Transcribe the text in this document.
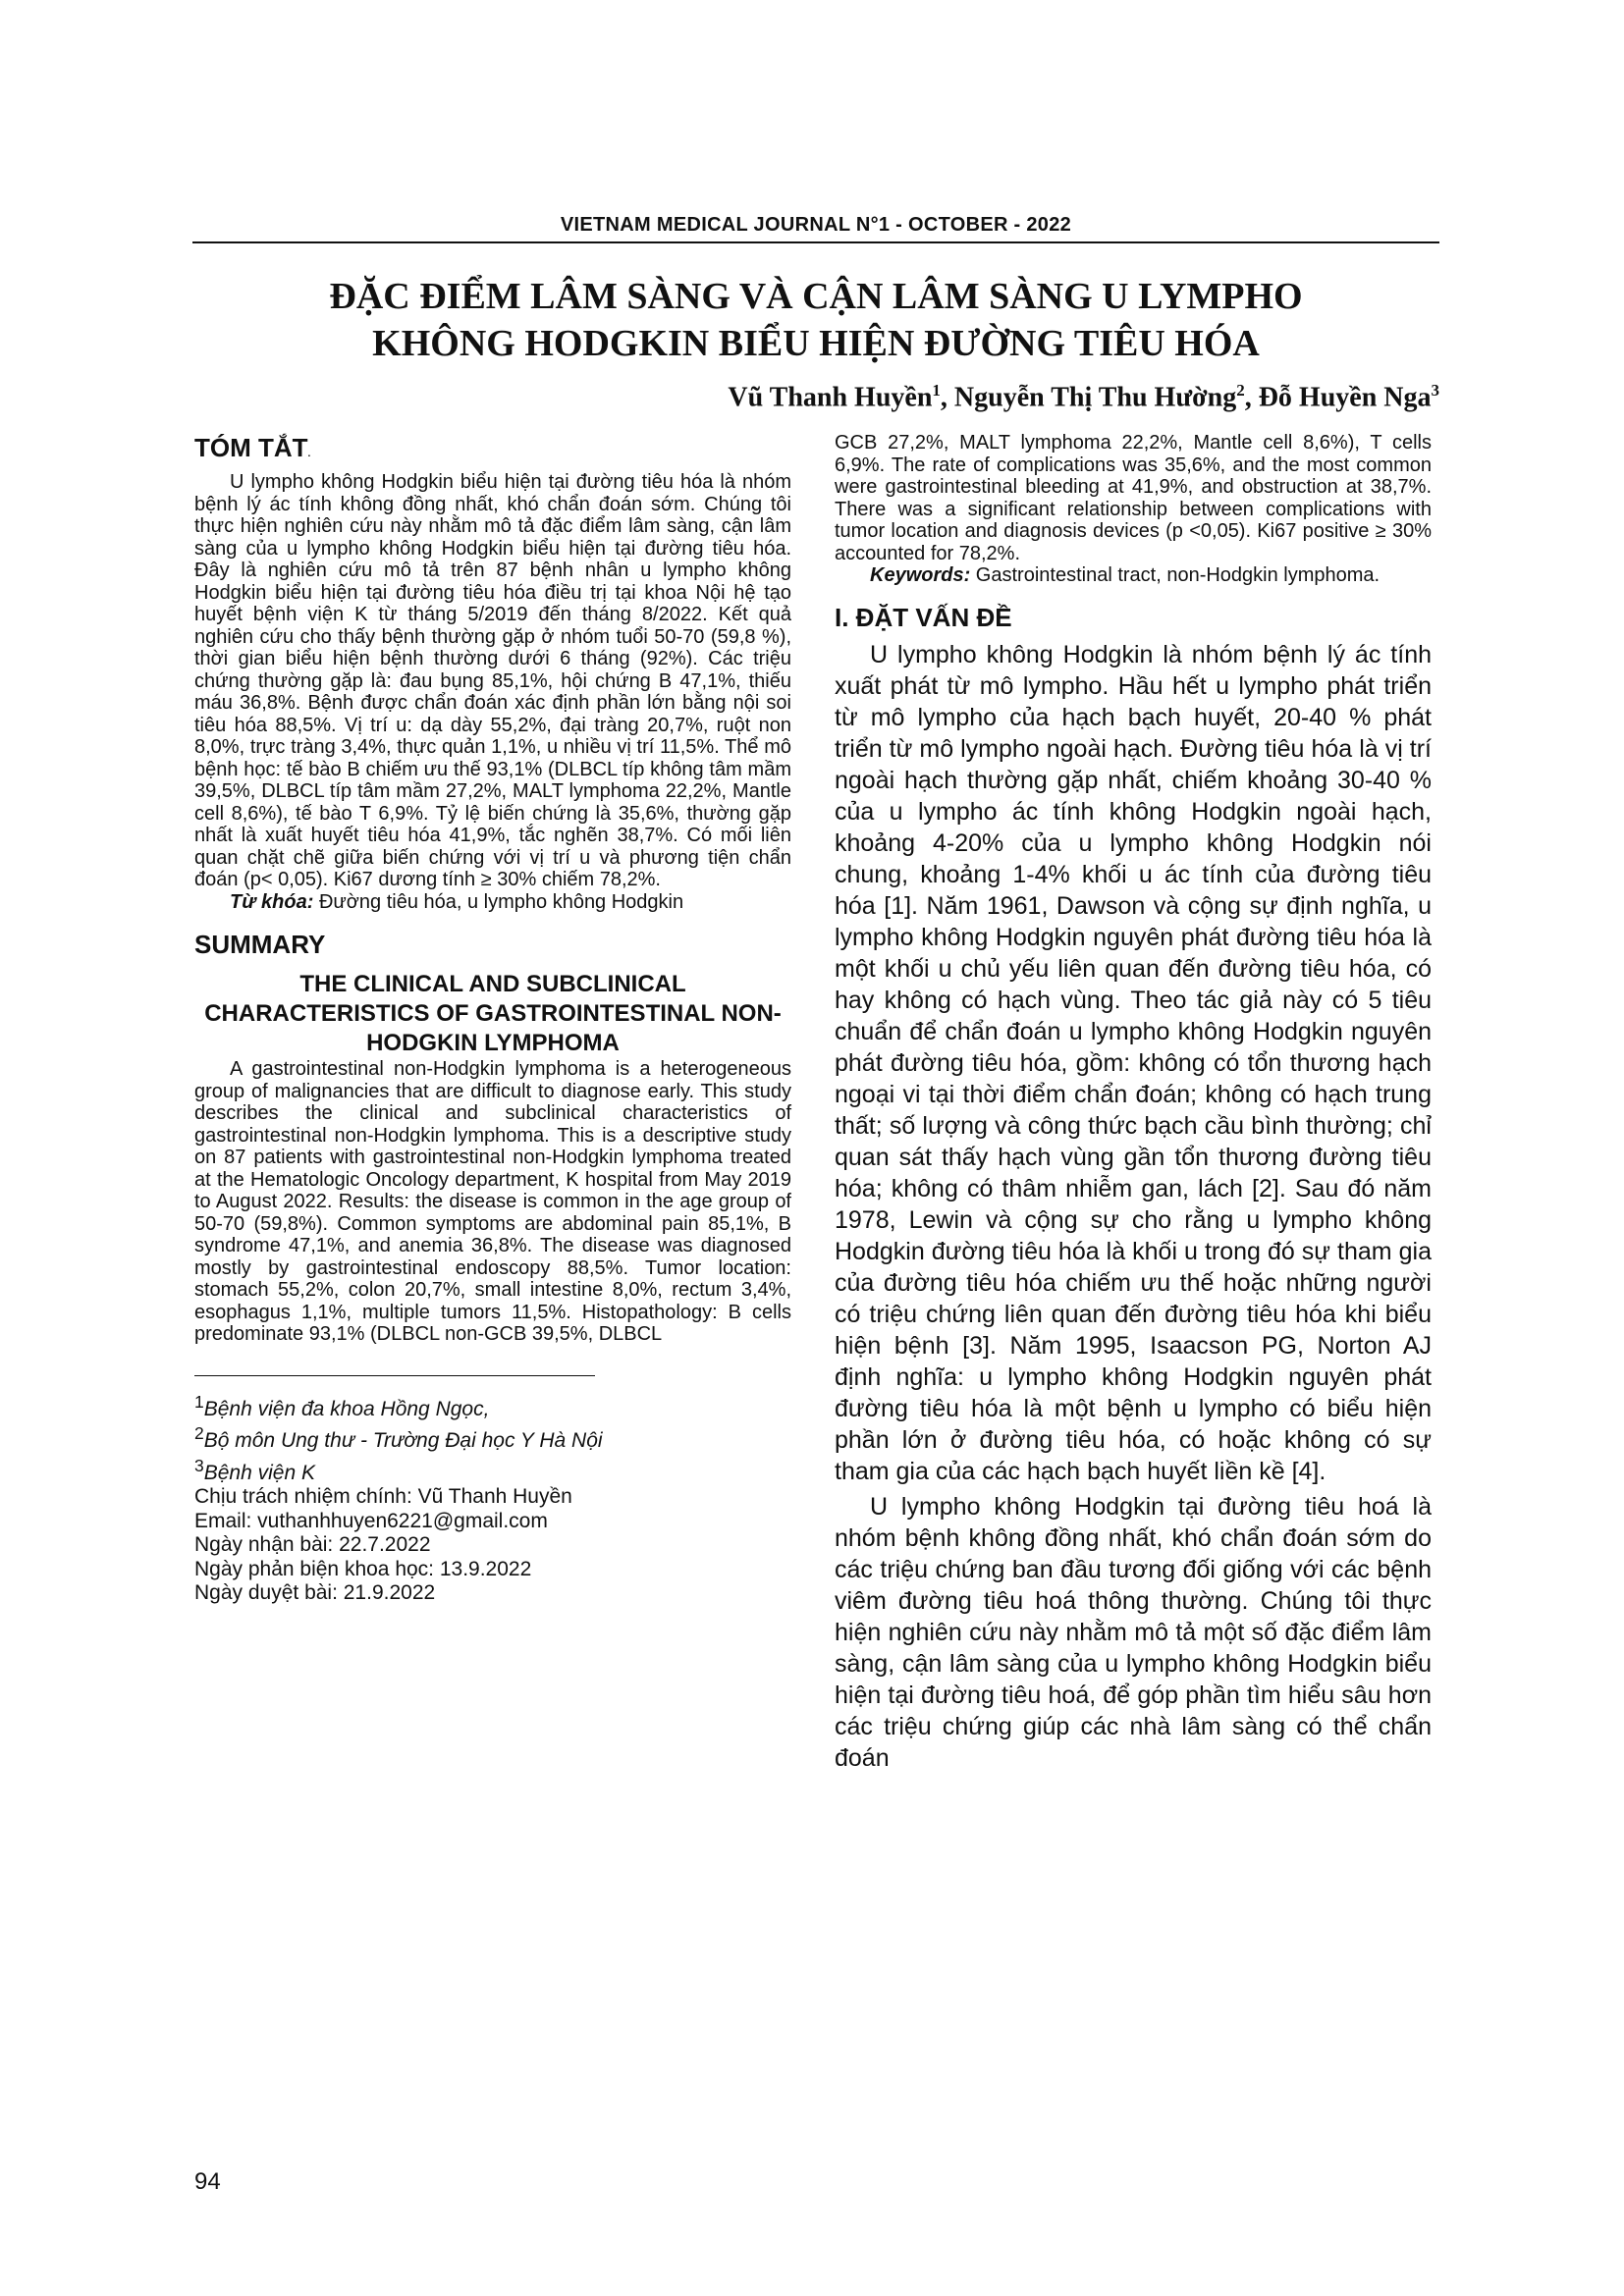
VIETNAM MEDICAL JOURNAL N°1 - OCTOBER - 2022
ĐẶC ĐIỂM LÂM SÀNG VÀ CẬN LÂM SÀNG U LYMPHO
KHÔNG HODGKIN BIỂU HIỆN ĐƯỜNG TIÊU HÓA
Vũ Thanh Huyền$^1$, Nguyễn Thị Thu Hường$^2$, Đỗ Huyền Nga$^3$
TÓM TẮT.

U lympho không Hodgkin biểu hiện tại đường tiêu hóa là nhóm bệnh lý ác tính không đồng nhất, khó chẩn đoán sớm. Chúng tôi thực hiện nghiên cứu này nhằm mô tả đặc điểm lâm sàng, cận lâm sàng của u lympho không Hodgkin biểu hiện tại đường tiêu hóa. Đây là nghiên cứu mô tả trên 87 bệnh nhân u lympho không Hodgkin biểu hiện tại đường tiêu hóa điều trị tại khoa Nội hệ tạo huyết bệnh viện K từ tháng 5/2019 đến tháng 8/2022. Kết quả nghiên cứu cho thấy bệnh thường gặp ở nhóm tuổi 50-70 (59,8 %), thời gian biểu hiện bệnh thường dưới 6 tháng (92%). Các triệu chứng thường gặp là: đau bụng 85,1%, hội chứng B 47,1%, thiếu máu 36,8%. Bệnh được chẩn đoán xác định phần lớn bằng nội soi tiêu hóa 88,5%. Vị trí u: dạ dày 55,2%, đại tràng 20,7%, ruột non 8,0%, trực tràng 3,4%, thực quản 1,1%, u nhiều vị trí 11,5%. Thể mô bệnh học: tế bào B chiếm ưu thế 93,1% (DLBCL típ không tâm mầm 39,5%, DLBCL típ tâm mầm 27,2%, MALT lymphoma 22,2%, Mantle cell 8,6%), tế bào T 6,9%. Tỷ lệ biến chứng là 35,6%, thường gặp nhất là xuất huyết tiêu hóa 41,9%, tắc nghẽn 38,7%. Có mối liên quan chặt chẽ giữa biến chứng với vị trí u và phương tiện chẩn đoán (p< 0,05). Ki67 dương tính ≥ 30% chiếm 78,2%.

Từ khóa: Đường tiêu hóa, u lympho không Hodgkin

SUMMARY

THE CLINICAL AND SUBCLINICAL CHARACTERISTICS OF GASTROINTESTINAL NON- HODGKIN LYMPHOMA

A gastrointestinal non-Hodgkin lymphoma is a heterogeneous group of malignancies that are difficult to diagnose early. This study describes the clinical and subclinical characteristics of gastrointestinal non-Hodgkin lymphoma. This is a descriptive study on 87 patients with gastrointestinal non-Hodgkin lymphoma treated at the Hematologic Oncology department, K hospital from May 2019 to August 2022. Results: the disease is common in the age group of 50-70 (59,8%). Common symptoms are abdominal pain 85,1%, B syndrome 47,1%, and anemia 36,8%. The disease was diagnosed mostly by gastrointestinal endoscopy 88,5%. Tumor location: stomach 55,2%, colon 20,7%, small intestine 8,0%, rectum 3,4%, esophagus 1,1%, multiple tumors 11,5%. Histopathology: B cells predominate 93,1% (DLBCL non-GCB 39,5%, DLBCL

$^1$Bệnh viện đa khoa Hồng Ngọc,
$^2$Bộ môn Ung thư - Trường Đại học Y Hà Nội
$^3$Bệnh viện K
Chịu trách nhiệm chính: Vũ Thanh Huyền
Email: vuthanhhuyen6221@gmail.com
Ngày nhận bài: 22.7.2022
Ngày phản biện khoa học: 13.9.2022
Ngày duyệt bài: 21.9.2022

GCB 27,2%, MALT lymphoma 22,2%, Mantle cell 8,6%), T cells 6,9%. The rate of complications was 35,6%, and the most common were gastrointestinal bleeding at 41,9%, and obstruction at 38,7%. There was a significant relationship between complications with tumor location and diagnosis devices (p <0,05). Ki67 positive ≥ 30% accounted for 78,2%.

Keywords: Gastrointestinal tract, non-Hodgkin lymphoma.

I. ĐẶT VẤN ĐỀ

U lympho không Hodgkin là nhóm bệnh lý ác tính xuất phát từ mô lympho. Hầu hết u lympho phát triển từ mô lympho của hạch bạch huyết, 20-40 % phát triển từ mô lympho ngoài hạch. Đường tiêu hóa là vị trí ngoài hạch thường gặp nhất, chiếm khoảng 30-40 % của u lympho ác tính không Hodgkin ngoài hạch, khoảng 4-20% của u lympho không Hodgkin nói chung, khoảng 1-4% khối u ác tính của đường tiêu hóa [1]. Năm 1961, Dawson và cộng sự định nghĩa, u lympho không Hodgkin nguyên phát đường tiêu hóa là một khối u chủ yếu liên quan đến đường tiêu hóa, có hay không có hạch vùng. Theo tác giả này có 5 tiêu chuẩn để chẩn đoán u lympho không Hodgkin nguyên phát đường tiêu hóa, gồm: không có tổn thương hạch ngoại vi tại thời điểm chẩn đoán; không có hạch trung thất; số lượng và công thức bạch cầu bình thường; chỉ quan sát thấy hạch vùng gần tổn thương đường tiêu hóa; không có thâm nhiễm gan, lách [2]. Sau đó năm 1978, Lewin và cộng sự cho rằng u lympho không Hodgkin đường tiêu hóa là khối u trong đó sự tham gia của đường tiêu hóa chiếm ưu thế hoặc những người có triệu chứng liên quan đến đường tiêu hóa khi biểu hiện bệnh [3]. Năm 1995, Isaacson PG, Norton AJ định nghĩa: u lympho không Hodgkin nguyên phát đường tiêu hóa là một bệnh u lympho có biểu hiện phần lớn ở đường tiêu hóa, có hoặc không có sự tham gia của các hạch bạch huyết liền kề [4].

U lympho không Hodgkin tại đường tiêu hoá là nhóm bệnh không đồng nhất, khó chẩn đoán sớm do các triệu chứng ban đầu tương đối giống với các bệnh viêm đường tiêu hoá thông thường. Chúng tôi thực hiện nghiên cứu này nhằm mô tả một số đặc điểm lâm sàng, cận lâm sàng của u lympho không Hodgkin biểu hiện tại đường tiêu hoá, để góp phần tìm hiểu sâu hơn các triệu chứng giúp các nhà lâm sàng có thể chẩn đoán

94
